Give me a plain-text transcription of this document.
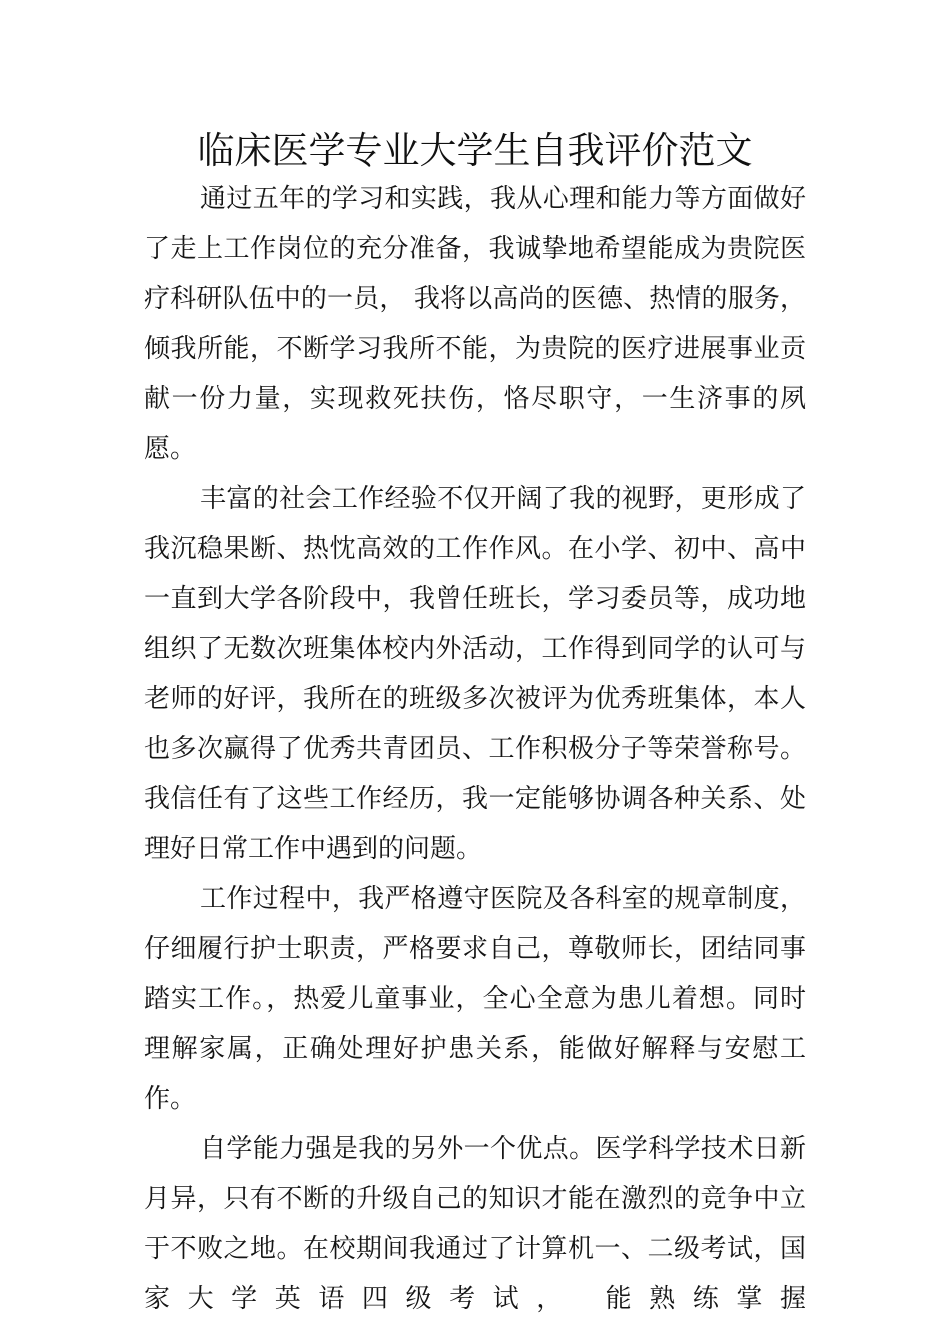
临床医学专业大学生自我评价范文

通过五年的学习和实践，我从心理和能力等方面做好了走上工作岗位的充分准备，我诚挚地希望能成为贵院医疗科研队伍中的一员， 我将以高尚的医德、热情的服务，倾我所能，不断学习我所不能，为贵院的医疗进展事业贡献一份力量，实现救死扶伤，恪尽职守，一生济事的夙愿。

丰富的社会工作经验不仅开阔了我的视野，更形成了我沉稳果断、热忱高效的工作作风。在小学、初中、高中一直到大学各阶段中，我曾任班长，学习委员等，成功地组织了无数次班集体校内外活动，工作得到同学的认可与老师的好评，我所在的班级多次被评为优秀班集体，本人也多次赢得了优秀共青团员、工作积极分子等荣誉称号。我信任有了这些工作经历，我一定能够协调各种关系、处理好日常工作中遇到的问题。

工作过程中，我严格遵守医院及各科室的规章制度，仔细履行护士职责，严格要求自己，尊敬师长，团结同事踏实工作。，热爱儿童事业，全心全意为患儿着想。同时理解家属，正确处理好护患关系，能做好解释与安慰工作。

自学能力强是我的另外一个优点。医学科学技术日新月异，只有不断的升级自己的知识才能在激烈的竞争中立于不败之地。在校期间我通过了计算机一、二级考试，国家大学英语四级考试， 能熟练掌握
